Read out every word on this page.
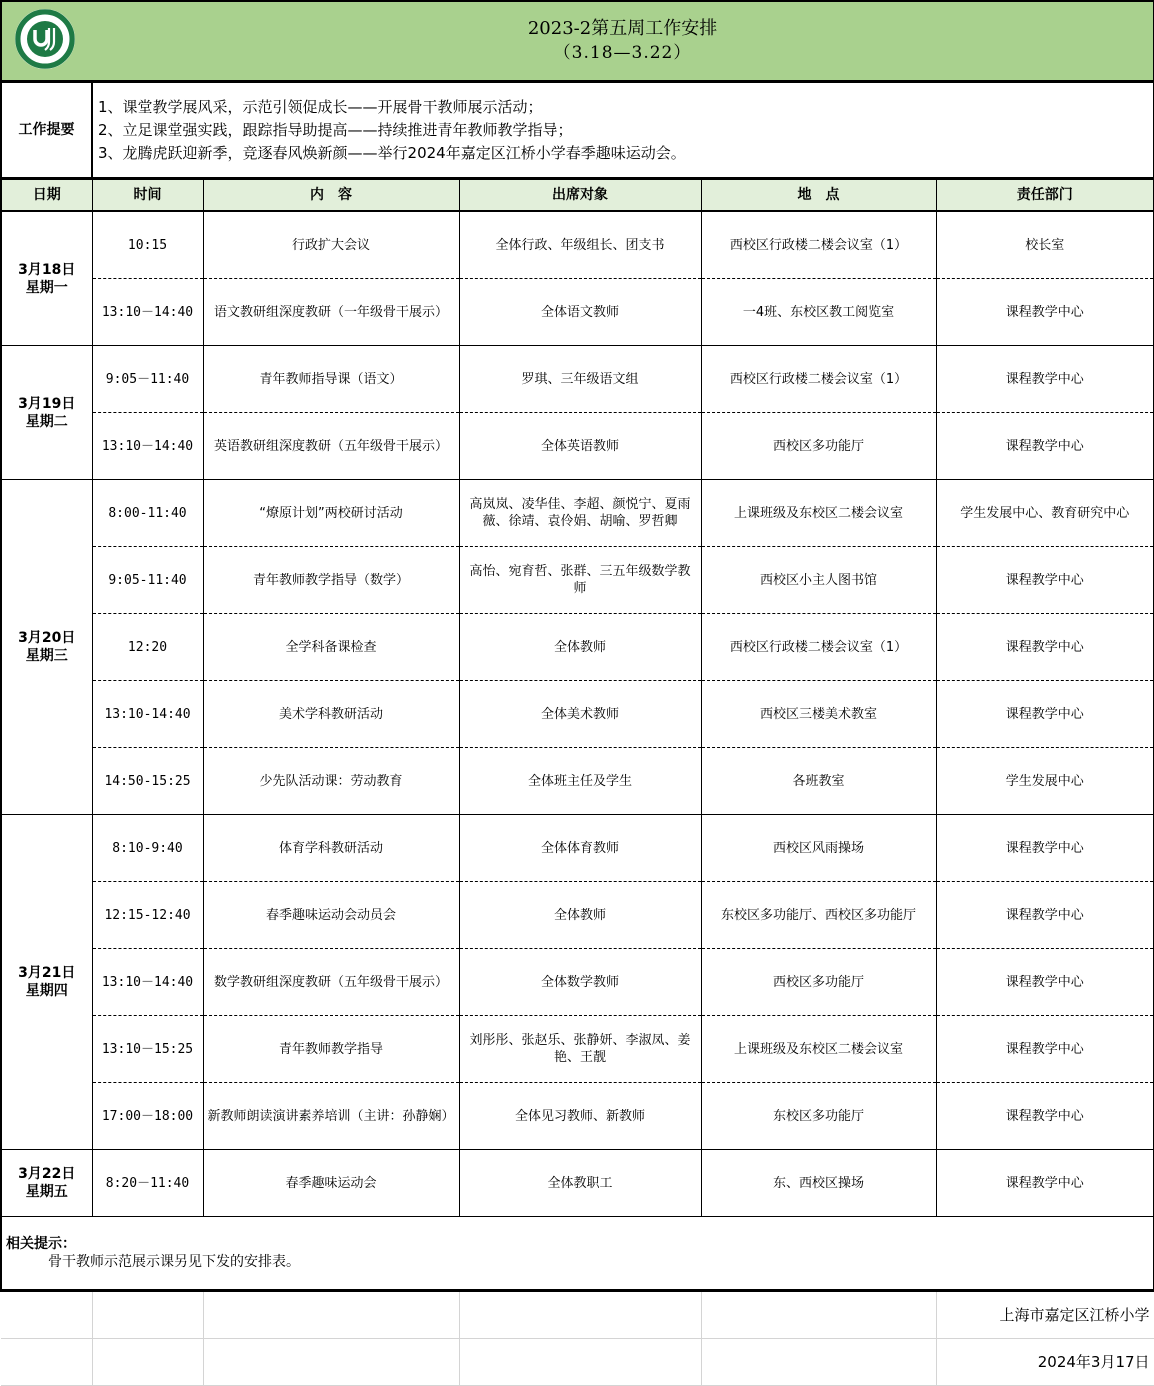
2023-2第五周工作安排
（3.18—3.22）				

工作提要	1、课堂教学展风采，示范引领促成长——开展骨干教师展示活动；
2、立足课堂强实践，跟踪指导助提高——持续推进青年教师教学指导；
3、龙腾虎跃迎新季，竞逐春风焕新颜——举行2024年嘉定区江桥小学春季趣味运动会。				

日期	时间	内　容	出席对象	地　点	责任部门

3月18日
星期一	10:15	行政扩大会议	全体行政、年级组长、团支书	西校区行政楼二楼会议室（1）	校长室
	13:10－14:40	语文教研组深度教研（一年级骨干展示）	全体语文教师	一4班、东校区教工阅览室	课程教学中心

3月19日
星期二	9:05－11:40	青年教师指导课（语文）	罗琪、三年级语文组	西校区行政楼二楼会议室（1）	课程教学中心
	13:10－14:40	英语教研组深度教研（五年级骨干展示）	全体英语教师	西校区多功能厅	课程教学中心

3月20日
星期三	8:00-11:40	“燎原计划”两校研讨活动	高岚岚、凌华佳、李超、颜悦宁、夏雨薇、徐靖、袁伶娟、胡喻、罗哲卿	上课班级及东校区二楼会议室	学生发展中心、教育研究中心
	9:05-11:40	青年教师教学指导（数学）	高怡、宛育哲、张群、三五年级数学教师	西校区小主人图书馆	课程教学中心
	12:20	全学科备课检查	全体教师	西校区行政楼二楼会议室（1）	课程教学中心
	13:10-14:40	美术学科教研活动	全体美术教师	西校区三楼美术教室	课程教学中心
	14:50-15:25	少先队活动课：劳动教育	全体班主任及学生	各班教室	学生发展中心

3月21日
星期四	8:10-9:40	体育学科教研活动	全体体育教师	西校区风雨操场	课程教学中心
	12:15-12:40	春季趣味运动会动员会	全体教师	东校区多功能厅、西校区多功能厅	课程教学中心
	13:10－14:40	数学教研组深度教研（五年级骨干展示）	全体数学教师	西校区多功能厅	课程教学中心
	13:10－15:25	青年教师教学指导	刘彤彤、张赵乐、张静妍、李淑凤、姜艳、王靓	上课班级及东校区二楼会议室	课程教学中心
	17:00－18:00	新教师朗读演讲素养培训（主讲：孙静娴）	全体见习教师、新教师	东校区多功能厅	课程教学中心

3月22日
星期五	8:20－11:40	春季趣味运动会	全体教职工	东、西校区操场	课程教学中心

相关提示：
骨干教师示范展示课另见下发的安排表。					

					上海市嘉定区江桥小学
					2024年3月17日
